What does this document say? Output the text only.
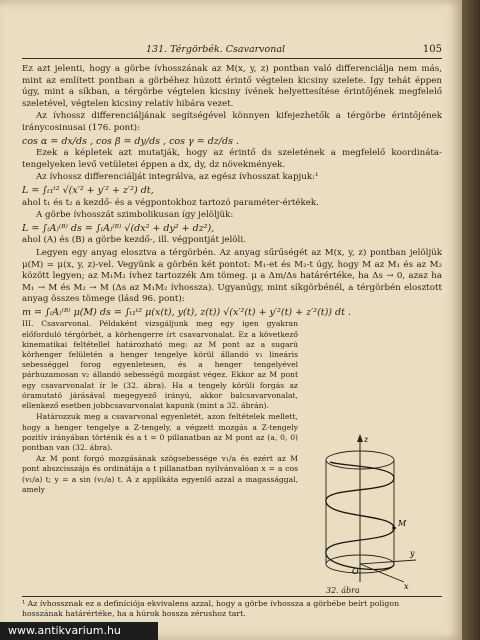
131. Térgörbék. Csavarvonal	105

Ez azt jelenti, hogy a görbe ívhosszának az M(x, y, z) pontban való differenciálja nem más, mint az említett pontban a görbéhez húzott érintő végtelen kicsiny szelete. Így tehát éppen úgy, mint a síkban, a térgörbe végtelen kicsiny ívének helyettesítése érintőjének megfelelő szeletével, végtelen kicsiny relatív hibára vezet.

Az ívhossz differenciáljának segítségével könnyen kifejezhetők a térgörbe érintőjének iránycosinusai (176. pont):

cos α = dx/ds , cos β = dy/ds , cos γ = dz/ds .

Ezek a képletek azt mutatják, hogy az érintő ds szeletének a megfelelő koordináta-tengelyeken levő vetületei éppen a dx, dy, dz növekmények.

Az ívhossz differenciálját integrálva, az egész ívhosszat kapjuk:¹

L = ∫ₜ₁ᵗ² √(x′² + y′² + z′²) dt,

ahol t₁ és t₂ a kezdő- és a végpontokhoz tartozó paraméter-értékek.

A görbe ívhosszát szimbolikusan így jelöljük:

L = ∫₍A₎⁽ᴮ⁾ ds = ∫₍A₎⁽ᴮ⁾ √(dx² + dy² + dz²),

ahol (A) és (B) a görbe kezdő-, ill. végpontját jelöli.

Legyen egy anyag elosztva a térgörbén. Az anyag sűrűségét az M(x, y, z) pontban jelöljük μ(M) = μ(x, y, z)-vel. Vegyünk a görbén két pontot: M₁-et és M₂-t úgy, hogy M az M₁ és az M₂ között legyen; az M₁M₂ ívhez tartozzék Δm tömeg. μ a Δm/Δs határértéke, ha Δs → 0, azaz ha M₁ → M és M₂ → M (Δs az M₁M₂ ívhossza). Ugyanúgy, mint síkgörbénél, a térgörbén elosztott anyag összes tömege (lásd 96. pont):

m = ∫₍A₎⁽ᴮ⁾ μ(M) ds = ∫ₜ₁ᵗ² μ(x(t), y(t), z(t)) √(x′²(t) + y′²(t) + z′²(t)) dt .

III. Csavarvonal. Példaként vizsgáljunk meg egy igen gyakran előforduló térgörbét, a körhengerre írt csavarvonalat. Ez a következő kinematikai feltétellel határozható meg: az M pont az a sugarú körhenger felületén a henger tengelye körül állandó v₁ lineáris sebességgel forog egyenletesen, és a henger tengelyével párhuzamosan v₂ állandó sebességű mozgást végez. Ekkor az M pont egy csavarvonalat ír le (32. ábra). Ha a tengely körüli forgás az óramutató járásával megegyező irányú, akkor balcsavarvonalat, ellenkező esetben jobbcsavarvonalat kapunk (mint a 32. ábrán).

Határozzuk meg a csavarvonal egyenletét, azon feltételek mellett, hogy a henger tengelye a Z-tengely, a végzett mozgás a Z-tengely pozitív irányában történik és a t = 0 pillanatban az M pont az (a, 0, 0) pontban van (32. ábra).

Az M pont forgó mozgásának szögsebessége v₁/a és ezért az M pont abszcisszája és ordinátája a t pillanatban nyilvánvalóan x = a cos (v₁/a) t; y = a sin (v₁/a) t. A z applikáta egyenlő azzal a magassággal, amely

z
M
O
x
y
32. ábra
¹ Az ívhossznak ez a definíciója ekvivalens azzal, hogy a görbe ívhossza a görbébe beírt poligon hosszának határértéke, ha a húrok hossza zérushoz tart.
www.antikvarium.hu
